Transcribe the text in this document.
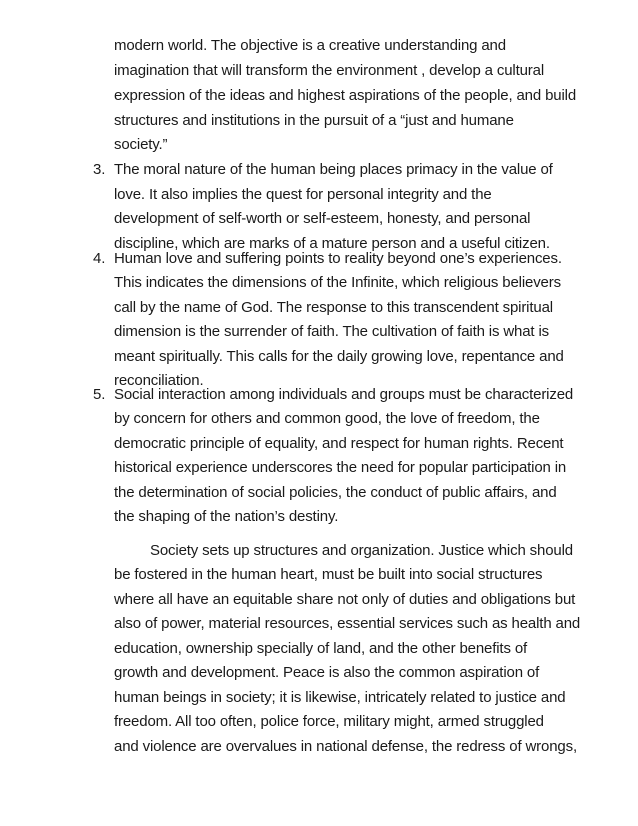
modern world. The objective is a creative understanding and
imagination that will transform the environment , develop a cultural
expression of the ideas and highest aspirations of the people, and build
structures and institutions in the pursuit of a “just and humane
society.”
3. The moral nature of the human being places primacy in the value of
love. It also implies the quest for personal integrity and the
development of self-worth or self-esteem, honesty, and personal
discipline, which are marks of a mature person and a useful citizen.
4. Human love and suffering points to reality beyond one’s experiences.
This indicates the dimensions of the Infinite, which religious believers
call by the name of God. The response to this transcendent spiritual
dimension is the surrender of faith. The cultivation of faith is what is
meant spiritually. This calls for the daily growing love, repentance and
reconciliation.
5. Social interaction among individuals and groups must be characterized
by concern for others and common good, the love of freedom, the
democratic principle of equality, and respect for human rights. Recent
historical experience underscores the need for popular participation in
the determination of social policies, the conduct of public affairs, and
the shaping of the nation’s destiny.
Society sets up structures and organization. Justice which should
be fostered in the human heart, must be built into social structures
where all have an equitable share not only of duties and obligations but
also of power, material resources, essential services such as health and
education, ownership specially of land, and the other benefits of
growth and development. Peace is also the common aspiration of
human beings in society; it is likewise, intricately related to justice and
freedom. All too often, police force, military might, armed struggled
and violence are overvalues in national defense, the redress of wrongs,
